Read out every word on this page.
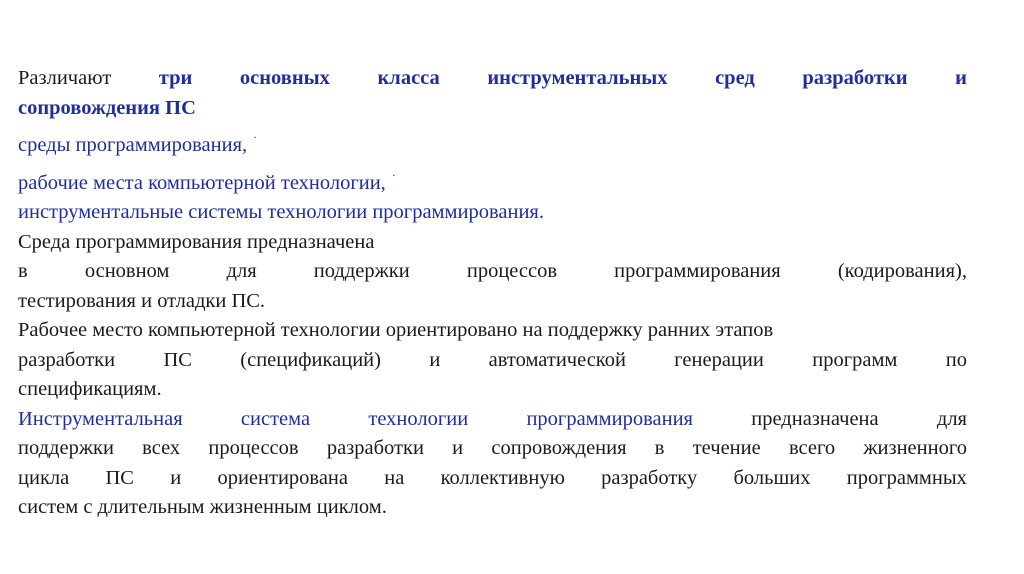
Различают три основных класса инструментальных сред разработки и
сопровождения ПС
среды программирования, ·
рабочие места компьютерной технологии, ·
инструментальные системы технологии программирования.
Среда программирования предназначена
в	основном	для	поддержки	процессов	программирования	(кодирования),
тестирования и отладки ПС.
Рабочее место компьютерной технологии ориентировано на поддержку ранних этапов
разработки ПС (спецификаций) и автоматической генерации программ по
спецификациям.
Инструментальная	система	технологии	программирования	предназначена	для
поддержки всех процессов разработки и сопровождения в течение всего жизненного
цикла ПС и ориентирована на коллективную разработку больших программных
систем с длительным жизненным циклом.
